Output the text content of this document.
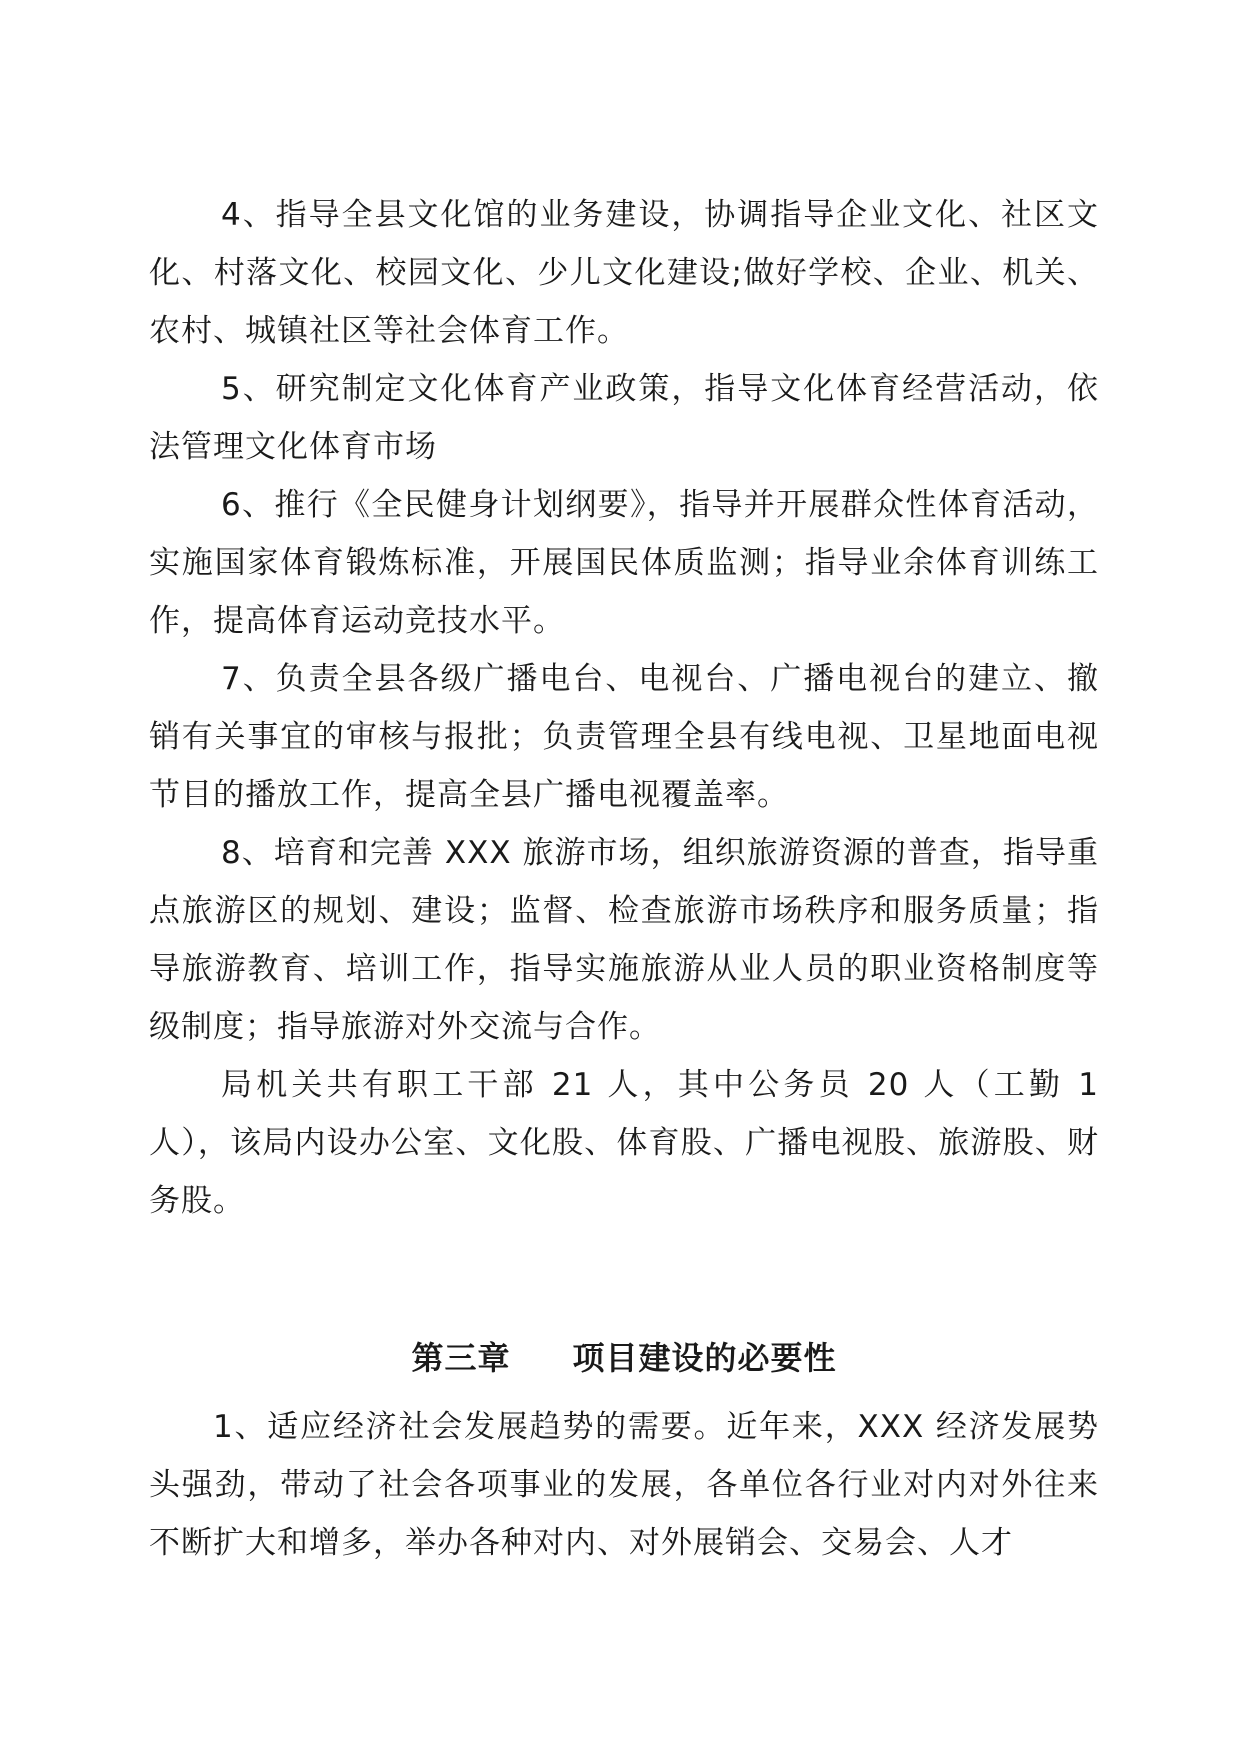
4、指导全县文化馆的业务建设，协调指导企业文化、社区文化、村落文化、校园文化、少儿文化建设;做好学校、企业、机关、农村、城镇社区等社会体育工作。

5、研究制定文化体育产业政策，指导文化体育经营活动，依法管理文化体育市场

6、推行《全民健身计划纲要》，指导并开展群众性体育活动，实施国家体育锻炼标准，开展国民体质监测；指导业余体育训练工作，提高体育运动竞技水平。

7、负责全县各级广播电台、电视台、广播电视台的建立、撤销有关事宜的审核与报批；负责管理全县有线电视、卫星地面电视节目的播放工作，提高全县广播电视覆盖率。

8、培育和完善 XXX 旅游市场，组织旅游资源的普查，指导重点旅游区的规划、建设；监督、检查旅游市场秩序和服务质量；指导旅游教育、培训工作，指导实施旅游从业人员的职业资格制度等级制度；指导旅游对外交流与合作。

局机关共有职工干部 21 人，其中公务员 20 人（工勤 1 人），该局内设办公室、文化股、体育股、广播电视股、旅游股、财务股。

第三章 项目建设的必要性

1、适应经济社会发展趋势的需要。近年来，XXX 经济发展势头强劲，带动了社会各项事业的发展，各单位各行业对内对外往来不断扩大和增多，举办各种对内、对外展销会、交易会、人才
